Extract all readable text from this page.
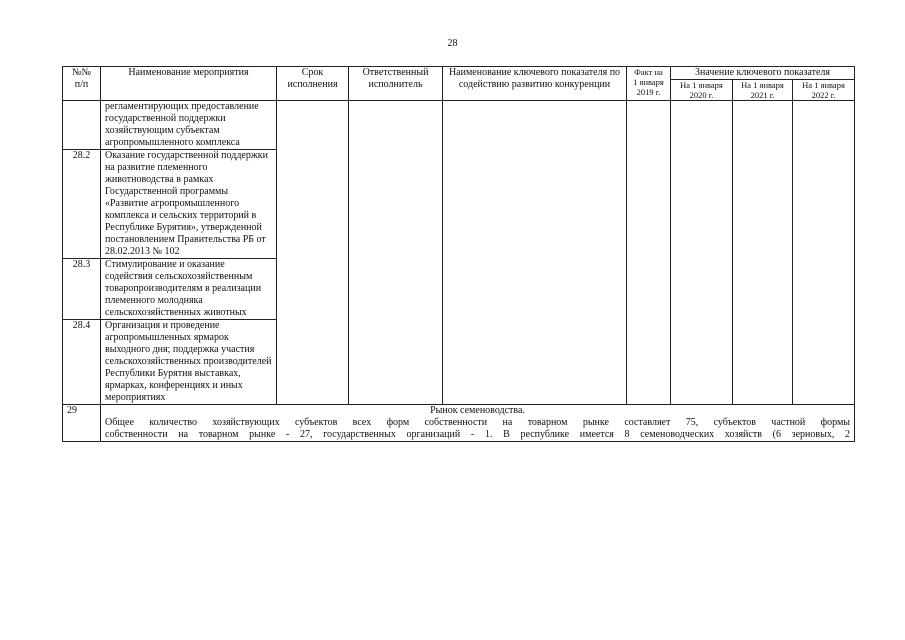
28
№№ п/п	Наименование мероприятия	Срок исполнения	Ответственный исполнитель	Наименование ключевого показателя по содействию развитию конкуренции	Факт на 1 января 2019 г.	Значение ключевого показателя		
						На 1 января 2020 г.	На 1 января 2021 г.	На 1 января 2022 г.
	регламентирующих предоставление государственной поддержки хозяйствующим субъектам агропромышленного комплекса							
28.2	Оказание государственной поддержки на развитие племенного животноводства в рамках Государственной программы «Развитие агропромышленного комплекса и сельских территорий в Республике Бурятия», утвержденной постановлением Правительства РБ от 28.02.2013 № 102							
28.3	Стимулирование и оказание содействия сельскохозяйственным товаропроизводителям в реализации племенного молодняка сельскохозяйственных животных							
28.4	Организация и проведение агропромышленных ярмарок выходного дня; поддержка участия сельскохозяйственных производителей Республики Бурятия выставках, ярмарках, конференциях и иных мероприятиях							
29	Рынок семеноводства.
Общее количество хозяйствующих субъектов всех форм собственности на товарном рынке составляет 75, субъектов частной формы
собственности на товарном рынке - 27, государственных организаций - 1. В республике имеется 8 семеноводческих хозяйств (6 зерновых, 2							
